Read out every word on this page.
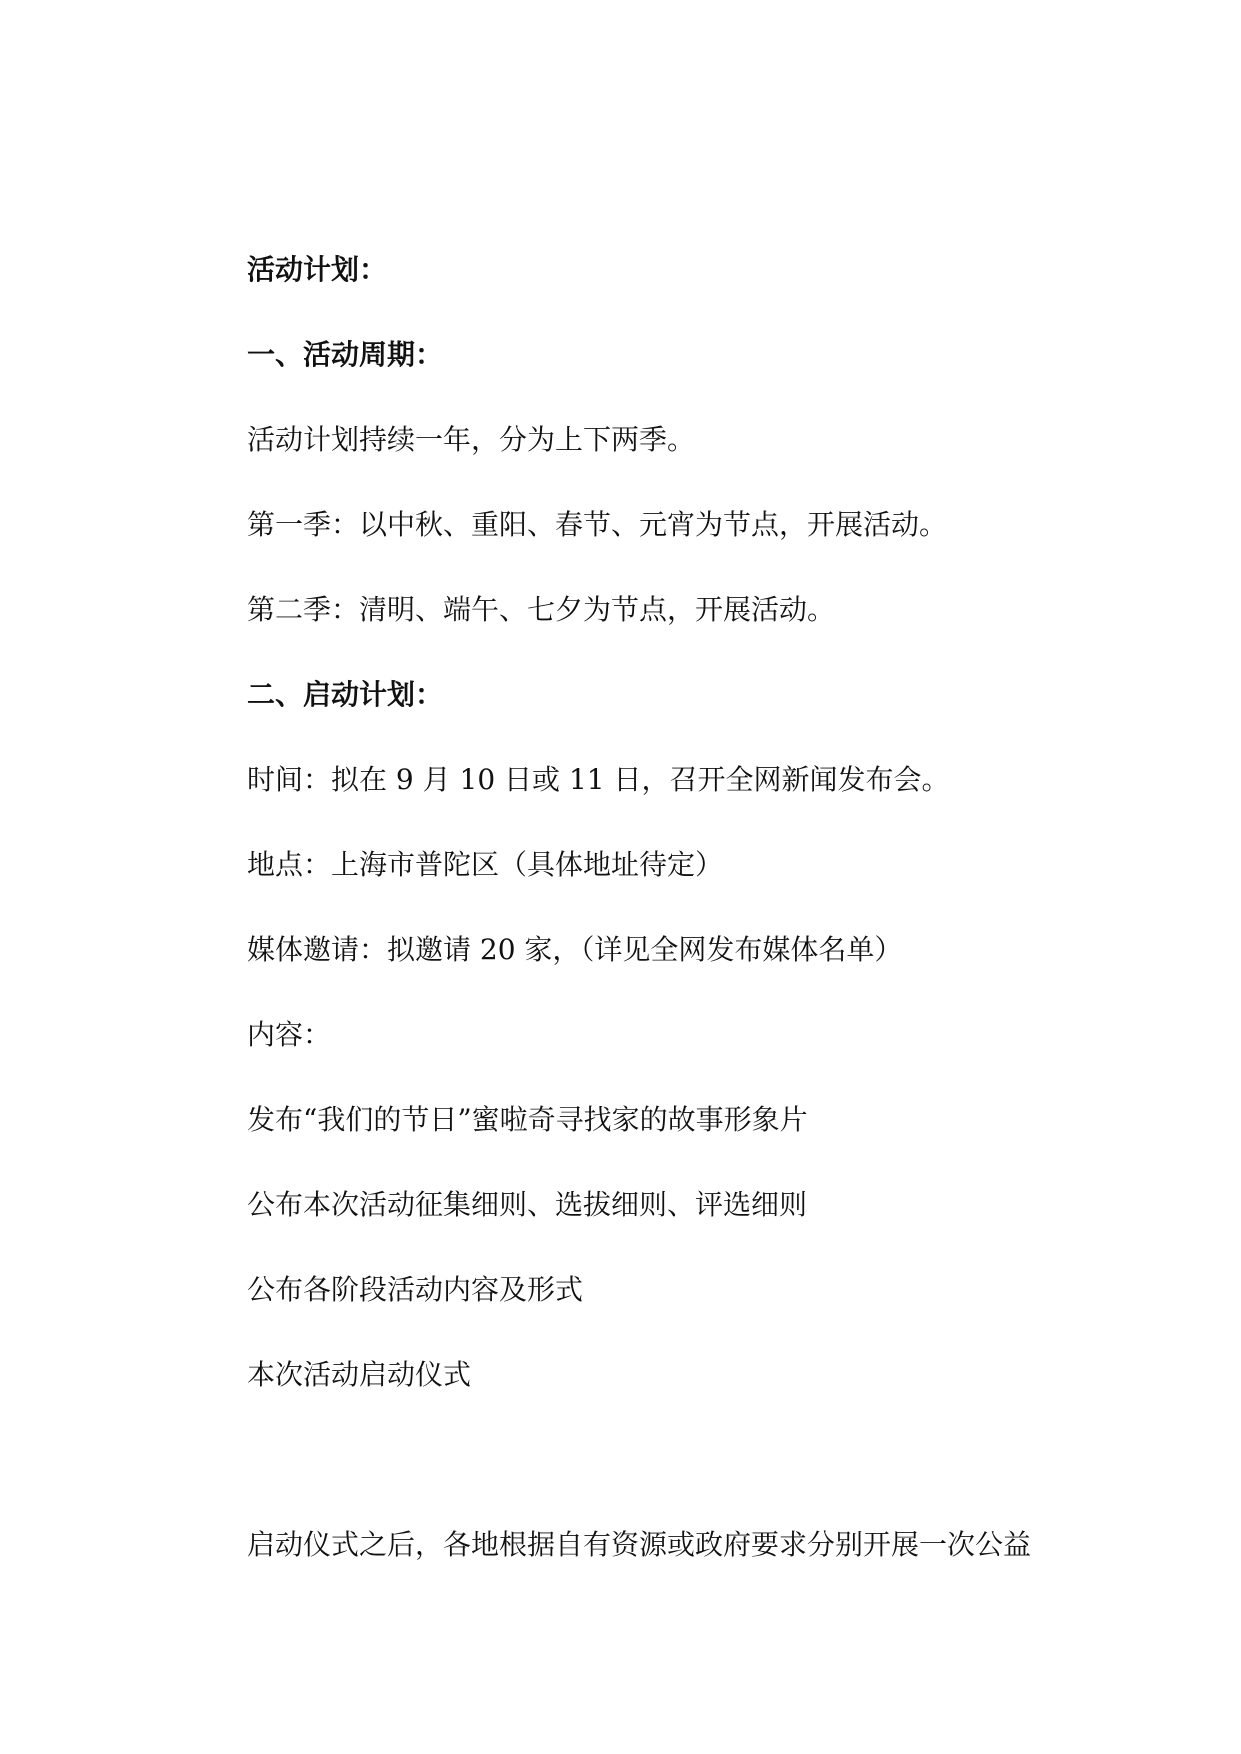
活动计划：
一、活动周期：
活动计划持续一年，分为上下两季。
第一季：以中秋、重阳、春节、元宵为节点，开展活动。
第二季：清明、端午、七夕为节点，开展活动。
二、启动计划：
时间：拟在 9 月 10 日或 11 日，召开全网新闻发布会。
地点：上海市普陀区（具体地址待定）
媒体邀请：拟邀请 20 家，（详见全网发布媒体名单）
内容：
发布“我们的节日”蜜啦奇寻找家的故事形象片
公布本次活动征集细则、选拔细则、评选细则
公布各阶段活动内容及形式
本次活动启动仪式
启动仪式之后，各地根据自有资源或政府要求分别开展一次公益
